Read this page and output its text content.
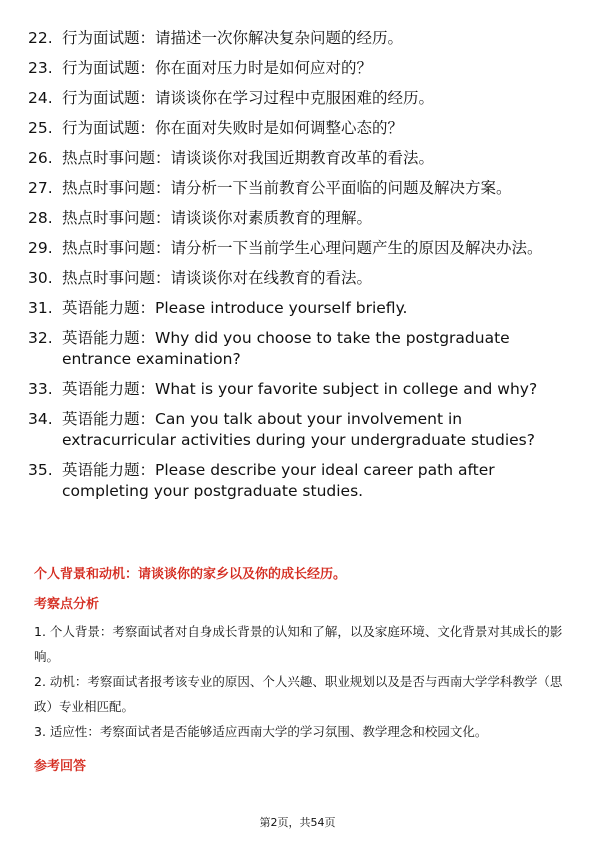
22. 行为面试题：请描述一次你解决复杂问题的经历。
23. 行为面试题：你在面对压力时是如何应对的？
24. 行为面试题：请谈谈你在学习过程中克服困难的经历。
25. 行为面试题：你在面对失败时是如何调整心态的？
26. 热点时事问题：请谈谈你对我国近期教育改革的看法。
27. 热点时事问题：请分析一下当前教育公平面临的问题及解决方案。
28. 热点时事问题：请谈谈你对素质教育的理解。
29. 热点时事问题：请分析一下当前学生心理问题产生的原因及解决办法。
30. 热点时事问题：请谈谈你对在线教育的看法。
31. 英语能力题：Please introduce yourself briefly.
32. 英语能力题：Why did you choose to take the postgraduate entrance examination?
33. 英语能力题：What is your favorite subject in college and why?
34. 英语能力题：Can you talk about your involvement in extracurricular activities during your undergraduate studies?
35. 英语能力题：Please describe your ideal career path after completing your postgraduate studies.
个人背景和动机：请谈谈你的家乡以及你的成长经历。
考察点分析

1. 个人背景：考察面试者对自身成长背景的认知和了解，以及家庭环境、文化背景对其成长的影响。

2. 动机：考察面试者报考该专业的原因、个人兴趣、职业规划以及是否与西南大学学科教学（思政）专业相匹配。

3. 适应性：考察面试者是否能够适应西南大学的学习氛围、教学理念和校园文化。

参考回答
第2页，共54页
